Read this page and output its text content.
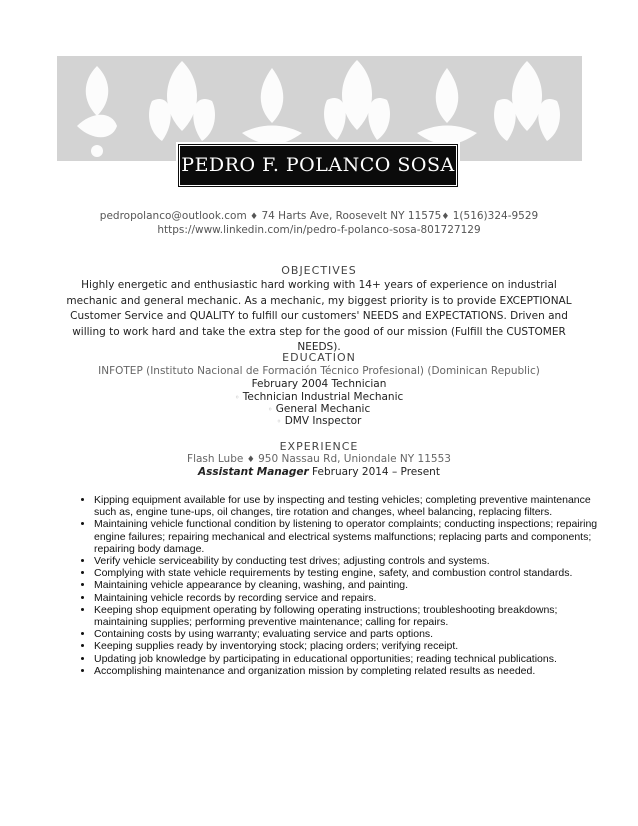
PEDRO F. POLANCO SOSA
pedropolanco@outlook.com ♦ 74 Harts Ave, Roosevelt NY 11575♦ 1(516)324-9529
https://www.linkedin.com/in/pedro-f-polanco-sosa-801727129
OBJECTIVES
Highly energetic and enthusiastic hard working with 14+ years of experience on industrial mechanic and general mechanic. As a mechanic, my biggest priority is to provide EXCEPTIONAL Customer Service and QUALITY to fulfill our customers' NEEDS and EXPECTATIONS. Driven and willing to work hard and take the extra step for the good of our mission (Fulfill the CUSTOMER NEEDS).
EDUCATION
INFOTEP (Instituto Nacional de Formación Técnico Profesional) (Dominican Republic)
February 2004 Technician
◦ Technician Industrial Mechanic
◦ General Mechanic
◦ DMV Inspector
EXPERIENCE
Flash Lube ♦ 950 Nassau Rd, Uniondale NY 11553
Assistant Manager February 2014 – Present
• Kipping equipment available for use by inspecting and testing vehicles; completing preventive maintenance such as, engine tune-ups, oil changes, tire rotation and changes, wheel balancing, replacing filters.
• Maintaining vehicle functional condition by listening to operator complaints; conducting inspections; repairing engine failures; repairing mechanical and electrical systems malfunctions; replacing parts and components; repairing body damage.
• Verify vehicle serviceability by conducting test drives; adjusting controls and systems.
• Complying with state vehicle requirements by testing engine, safety, and combustion control standards.
• Maintaining vehicle appearance by cleaning, washing, and painting.
• Maintaining vehicle records by recording service and repairs.
• Keeping shop equipment operating by following operating instructions; troubleshooting breakdowns; maintaining supplies; performing preventive maintenance; calling for repairs.
• Containing costs by using warranty; evaluating service and parts options.
• Keeping supplies ready by inventorying stock; placing orders; verifying receipt.
• Updating job knowledge by participating in educational opportunities; reading technical publications.
• Accomplishing maintenance and organization mission by completing related results as needed.
